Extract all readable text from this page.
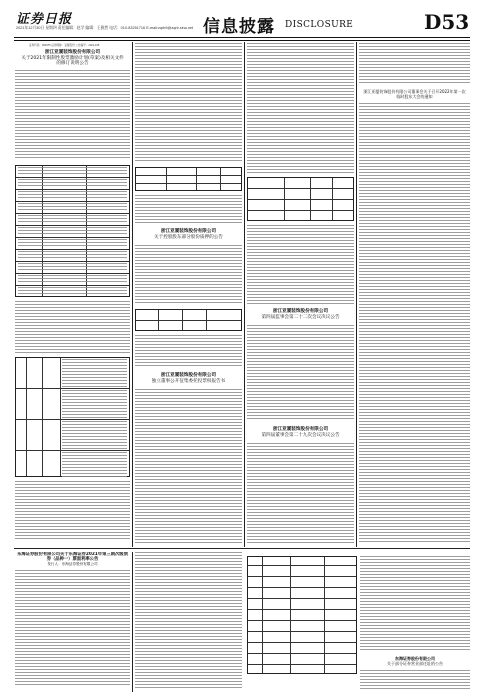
证券日报
2021年12月30日 星期四 责任编辑：赵学 编辑：王雅然 电话：010-83251716 E-mail:zqrb9@zqrb.sina.net 信息披露 DISCLOSURE	D53
证券代码：002375 证券简称：亚厦股份 公告编号：2021-105
浙江亚厦装饰股份有限公司
关于2021年限制性股票激励计划(草案)及相关文件的修订说明公告
浙江亚厦装饰股份有限公司
关于控股股东部分股份质押的公告
浙江亚厦装饰股份有限公司
独立董事公开征集委托投票权报告书
浙江亚厦装饰股份有限公司
第四届监事会第二十二次会议决议公告
浙江亚厦装饰股份有限公司
第四届董事会第二十九次会议决议公告
浙江亚厦装饰股份有限公司董事会关于召开2022年第一次临时股东大会的通知
东海证券股份有限公司关于东海证券2021年第三期次级债券（品种一）票面利率公告
发行人：东海证券股份有限公司
东海证券股份有限公司
关于部分证券营业部迁址的公告
